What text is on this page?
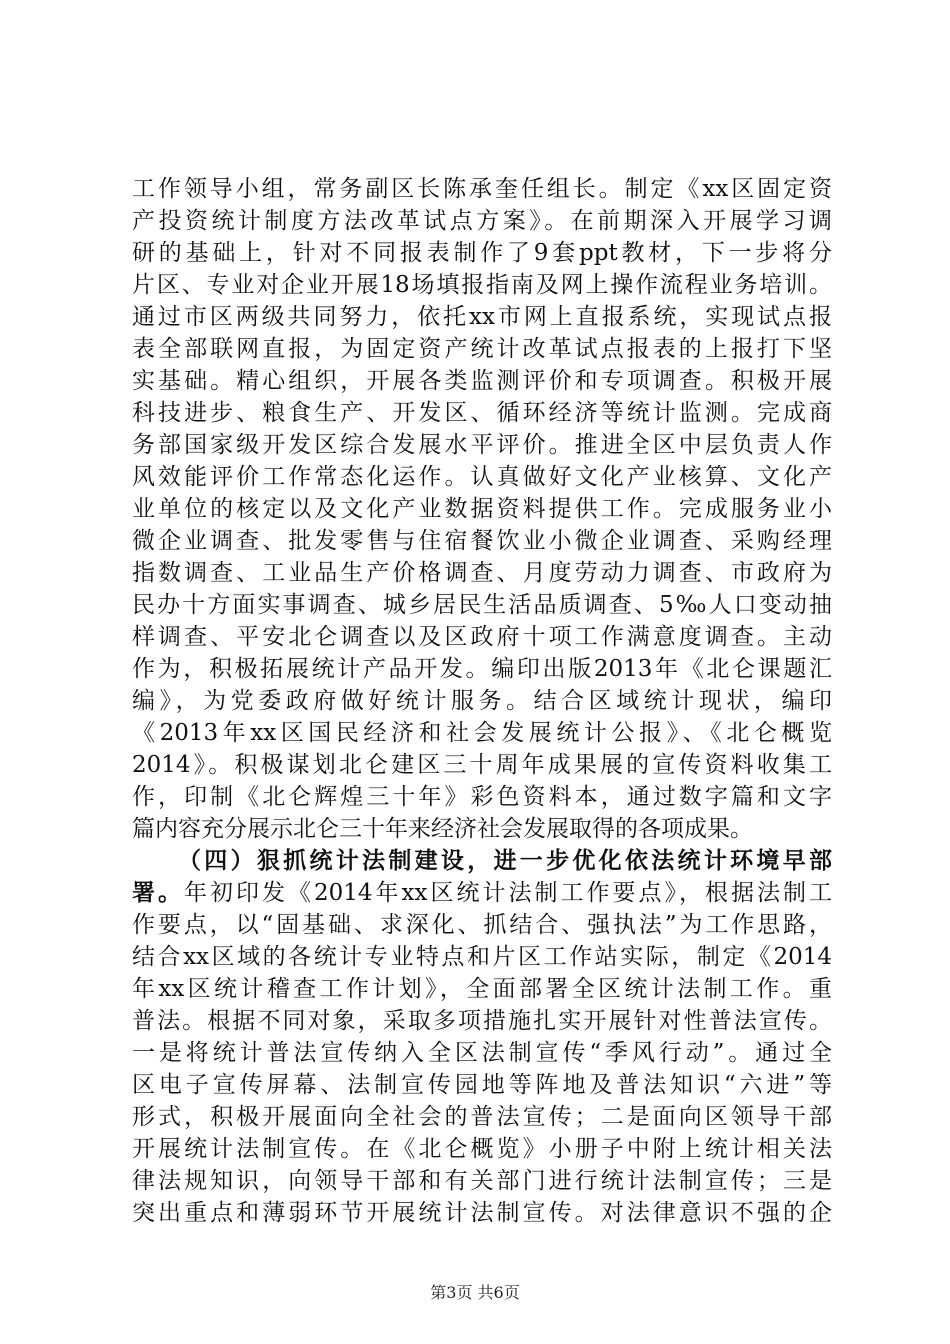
工作领导小组，常务副区长陈承奎任组长。制定《xx区固定资
产投资统计制度方法改革试点方案》。在前期深入开展学习调
研的基础上，针对不同报表制作了9套ppt教材，下一步将分
片区、专业对企业开展18场填报指南及网上操作流程业务培训。
通过市区两级共同努力，依托xx市网上直报系统，实现试点报
表全部联网直报，为固定资产统计改革试点报表的上报打下坚
实基础。精心组织，开展各类监测评价和专项调查。积极开展
科技进步、粮食生产、开发区、循环经济等统计监测。完成商
务部国家级开发区综合发展水平评价。推进全区中层负责人作
风效能评价工作常态化运作。认真做好文化产业核算、文化产
业单位的核定以及文化产业数据资料提供工作。完成服务业小
微企业调查、批发零售与住宿餐饮业小微企业调查、采购经理
指数调查、工业品生产价格调查、月度劳动力调查、市政府为
民办十方面实事调查、城乡居民生活品质调查、5‰人口变动抽
样调查、平安北仑调查以及区政府十项工作满意度调查。主动
作为，积极拓展统计产品开发。编印出版2013年《北仑课题汇
编》，为党委政府做好统计服务。结合区域统计现状，编印
《2013年xx区国民经济和社会发展统计公报》、《北仑概览
2014》。积极谋划北仑建区三十周年成果展的宣传资料收集工
作，印制《北仑辉煌三十年》彩色资料本，通过数字篇和文字
篇内容充分展示北仑三十年来经济社会发展取得的各项成果。
（四）狠抓统计法制建设，进一步优化依法统计环境早部
署。年初印发《2014年xx区统计法制工作要点》，根据法制工
作要点，以“固基础、求深化、抓结合、强执法”为工作思路，
结合xx区域的各统计专业特点和片区工作站实际，制定《2014
年xx区统计稽查工作计划》，全面部署全区统计法制工作。重
普法。根据不同对象，采取多项措施扎实开展针对性普法宣传。
一是将统计普法宣传纳入全区法制宣传“季风行动”。通过全
区电子宣传屏幕、法制宣传园地等阵地及普法知识“六进”等
形式，积极开展面向全社会的普法宣传；二是面向区领导干部
开展统计法制宣传。在《北仑概览》小册子中附上统计相关法
律法规知识，向领导干部和有关部门进行统计法制宣传；三是
突出重点和薄弱环节开展统计法制宣传。对法律意识不强的企
第3页 共6页
